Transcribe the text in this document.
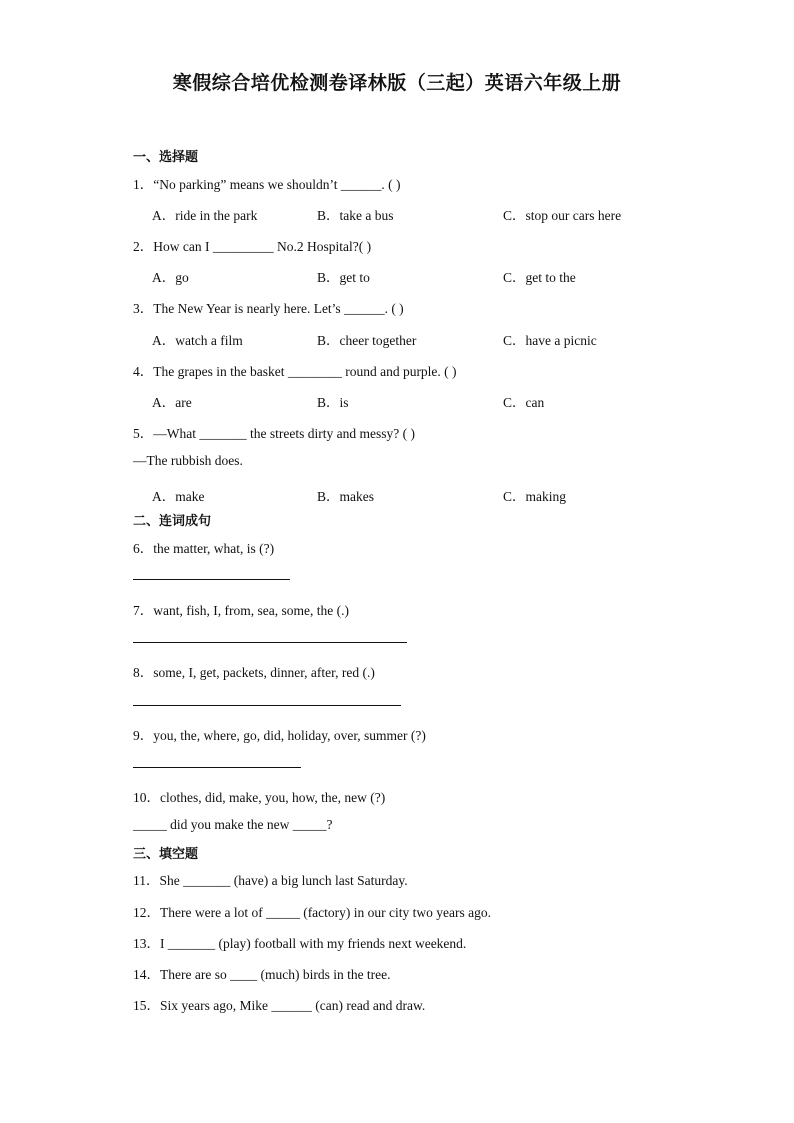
寒假综合培优检测卷译林版（三起）英语六年级上册
一、选择题
1．“No parking” means we shouldn’t ______. ( )
A．ride in the park	B．take a bus	C．stop our cars here
2．How can I _________ No.2 Hospital?( )
A．go	B．get to	C．get to the
3．The New Year is nearly here. Let’s ______. ( )
A．watch a film	B．cheer together	C．have a picnic
4．The grapes in the basket ________ round and purple. ( )
A．are	B．is	C．can
5．—What _______ the streets dirty and messy? ( )
—The rubbish does.
A．make	B．makes	C．making
二、连词成句
6．the matter, what, is (?)
7．want, fish, I, from, sea, some, the (.)
8．some, I, get, packets, dinner, after, red (.)
9．you, the, where, go, did, holiday, over, summer (?)
10．clothes, did, make, you, how, the, new (?)
_____ did you make the new _____?
三、填空题
11．She _______ (have) a big lunch last Saturday.
12．There were a lot of _____ (factory) in our city two years ago.
13．I _______ (play) football with my friends next weekend.
14．There are so ____ (much) birds in the tree.
15．Six years ago, Mike ______ (can) read and draw.
